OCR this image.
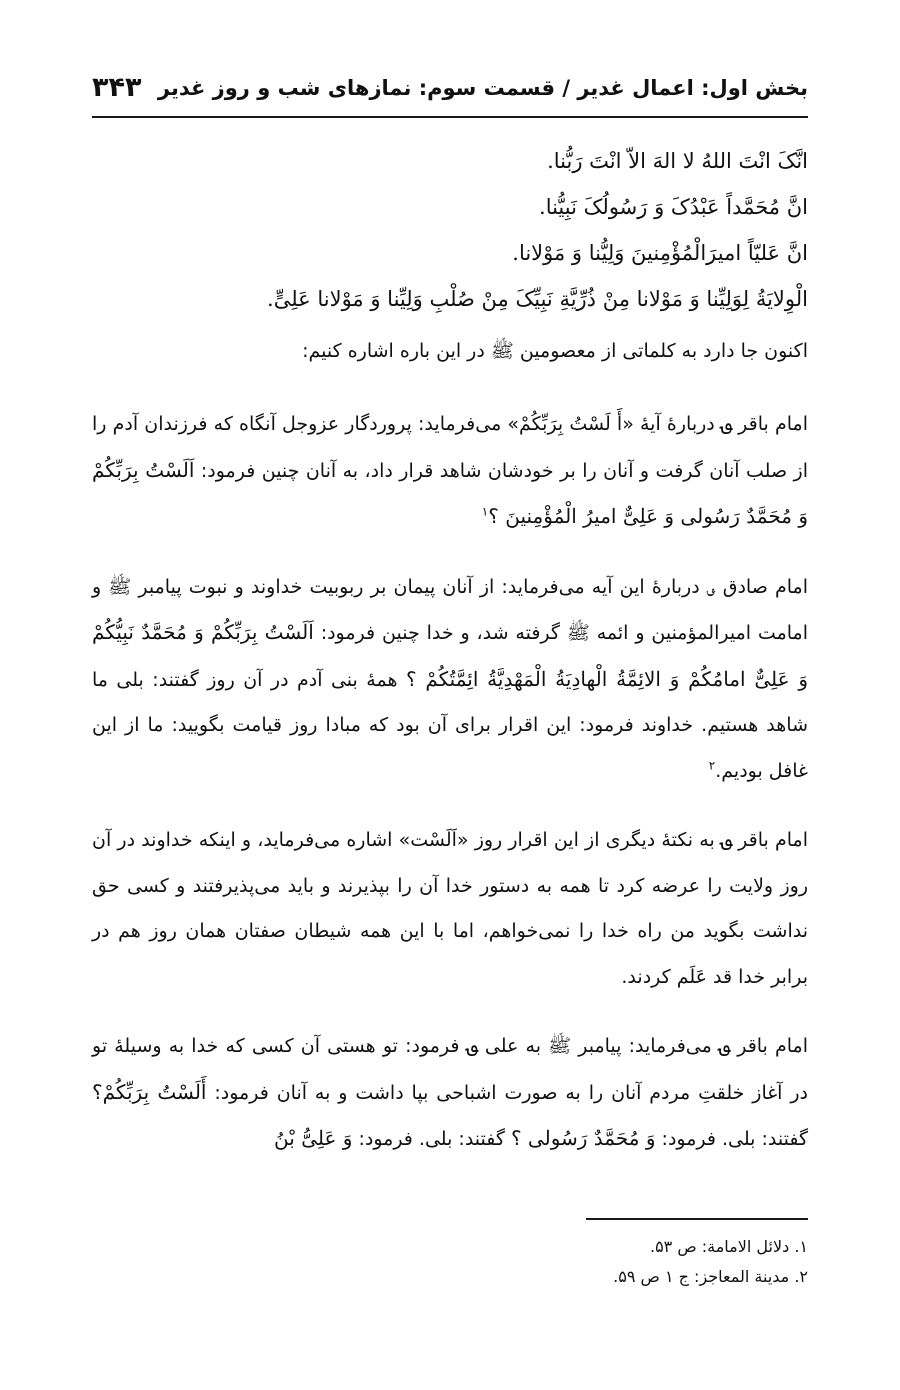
بخش اول: اعمال غدیر / قسمت سوم: نمازهای شب و روز غدیر
۳۴۳

انَّکَ انْتَ اللهُ لا الهَ الاّ انْتَ رَبُّنا.

انَّ مُحَمَّداً عَبْدُکَ وَ رَسُولُکَ نَبِیُّنا.

انَّ عَلیّاً امیرَالْمُؤْمِنینَ وَلِیُّنا وَ مَوْلانا.

الْوِلایَةُ لِوَلِیِّنا وَ مَوْلانا مِنْ ذُرِّیَّةِ نَبِیِّکَ مِنْ صُلْبِ وَلِیِّنا وَ مَوْلانا عَلِیٍّ.

اکنون جا دارد به کلماتی از معصومین ﷺ در این باره اشاره کنیم:

امام باقر ؈ دربارۀ آیۀ «أَ لَسْتُ بِرَبِّکُمْ» می‌فرماید: پروردگار عزوجل آنگاه که فرزندان آدم را از صلب آنان گرفت و آنان را بر خودشان شاهد قرار داد، به آنان چنین فرمود: اَلَسْتُ بِرَبِّکُمْ وَ مُحَمَّدٌ رَسُولی وَ عَلِیٌّ امیرُ الْمُؤْمِنینَ ؟$^۱$

امام صادق ؈ دربارۀ این آیه می‌فرماید: از آنان پیمان بر ربوبیت خداوند و نبوت پیامبر ﷺ و امامت امیرالمؤمنین و ائمه ﷺ گرفته شد، و خدا چنین فرمود: اَلَسْتُ بِرَبِّکُمْ وَ مُحَمَّدٌ نَبِیُّکُمْ وَ عَلِیٌّ امامُکُمْ وَ الائِمَّةُ الْهادِیَةُ الْمَهْدِیَّةُ ائِمَّتُکُمْ ؟ همۀ بنی آدم در آن روز گفتند: بلی ما شاهد هستیم. خداوند فرمود: این اقرار برای آن بود که مبادا روز قیامت بگویید: ما از این غافل بودیم.$^۲$

امام باقر ؈ به نکتۀ دیگری از این اقرار روز «اَلَسْت» اشاره می‌فرماید، و اینکه خداوند در آن روز ولایت را عرضه کرد تا همه به دستور خدا آن را بپذیرند و باید می‌پذیرفتند و کسی حق نداشت بگوید من راه خدا را نمی‌خواهم، اما با این همه شیطان صفتان همان روز هم در برابر خدا قد عَلَم کردند.

امام باقر ؈ می‌فرماید: پیامبر ﷺ به علی ؈ فرمود: تو هستی آن کسی که خدا به وسیلۀ تو در آغاز خلقتِ مردم آنان را به صورت اشباحی بپا داشت و به آنان فرمود: أَلَسْتُ بِرَبِّکُمْ؟ گفتند: بلی. فرمود: وَ مُحَمَّدٌ رَسُولی ؟ گفتند: بلی. فرمود: وَ عَلِیُّ بْنُ

۱. دلائل الامامة: ص ۵۳.

۲. مدینة المعاجز: ج ۱ ص ۵۹.
